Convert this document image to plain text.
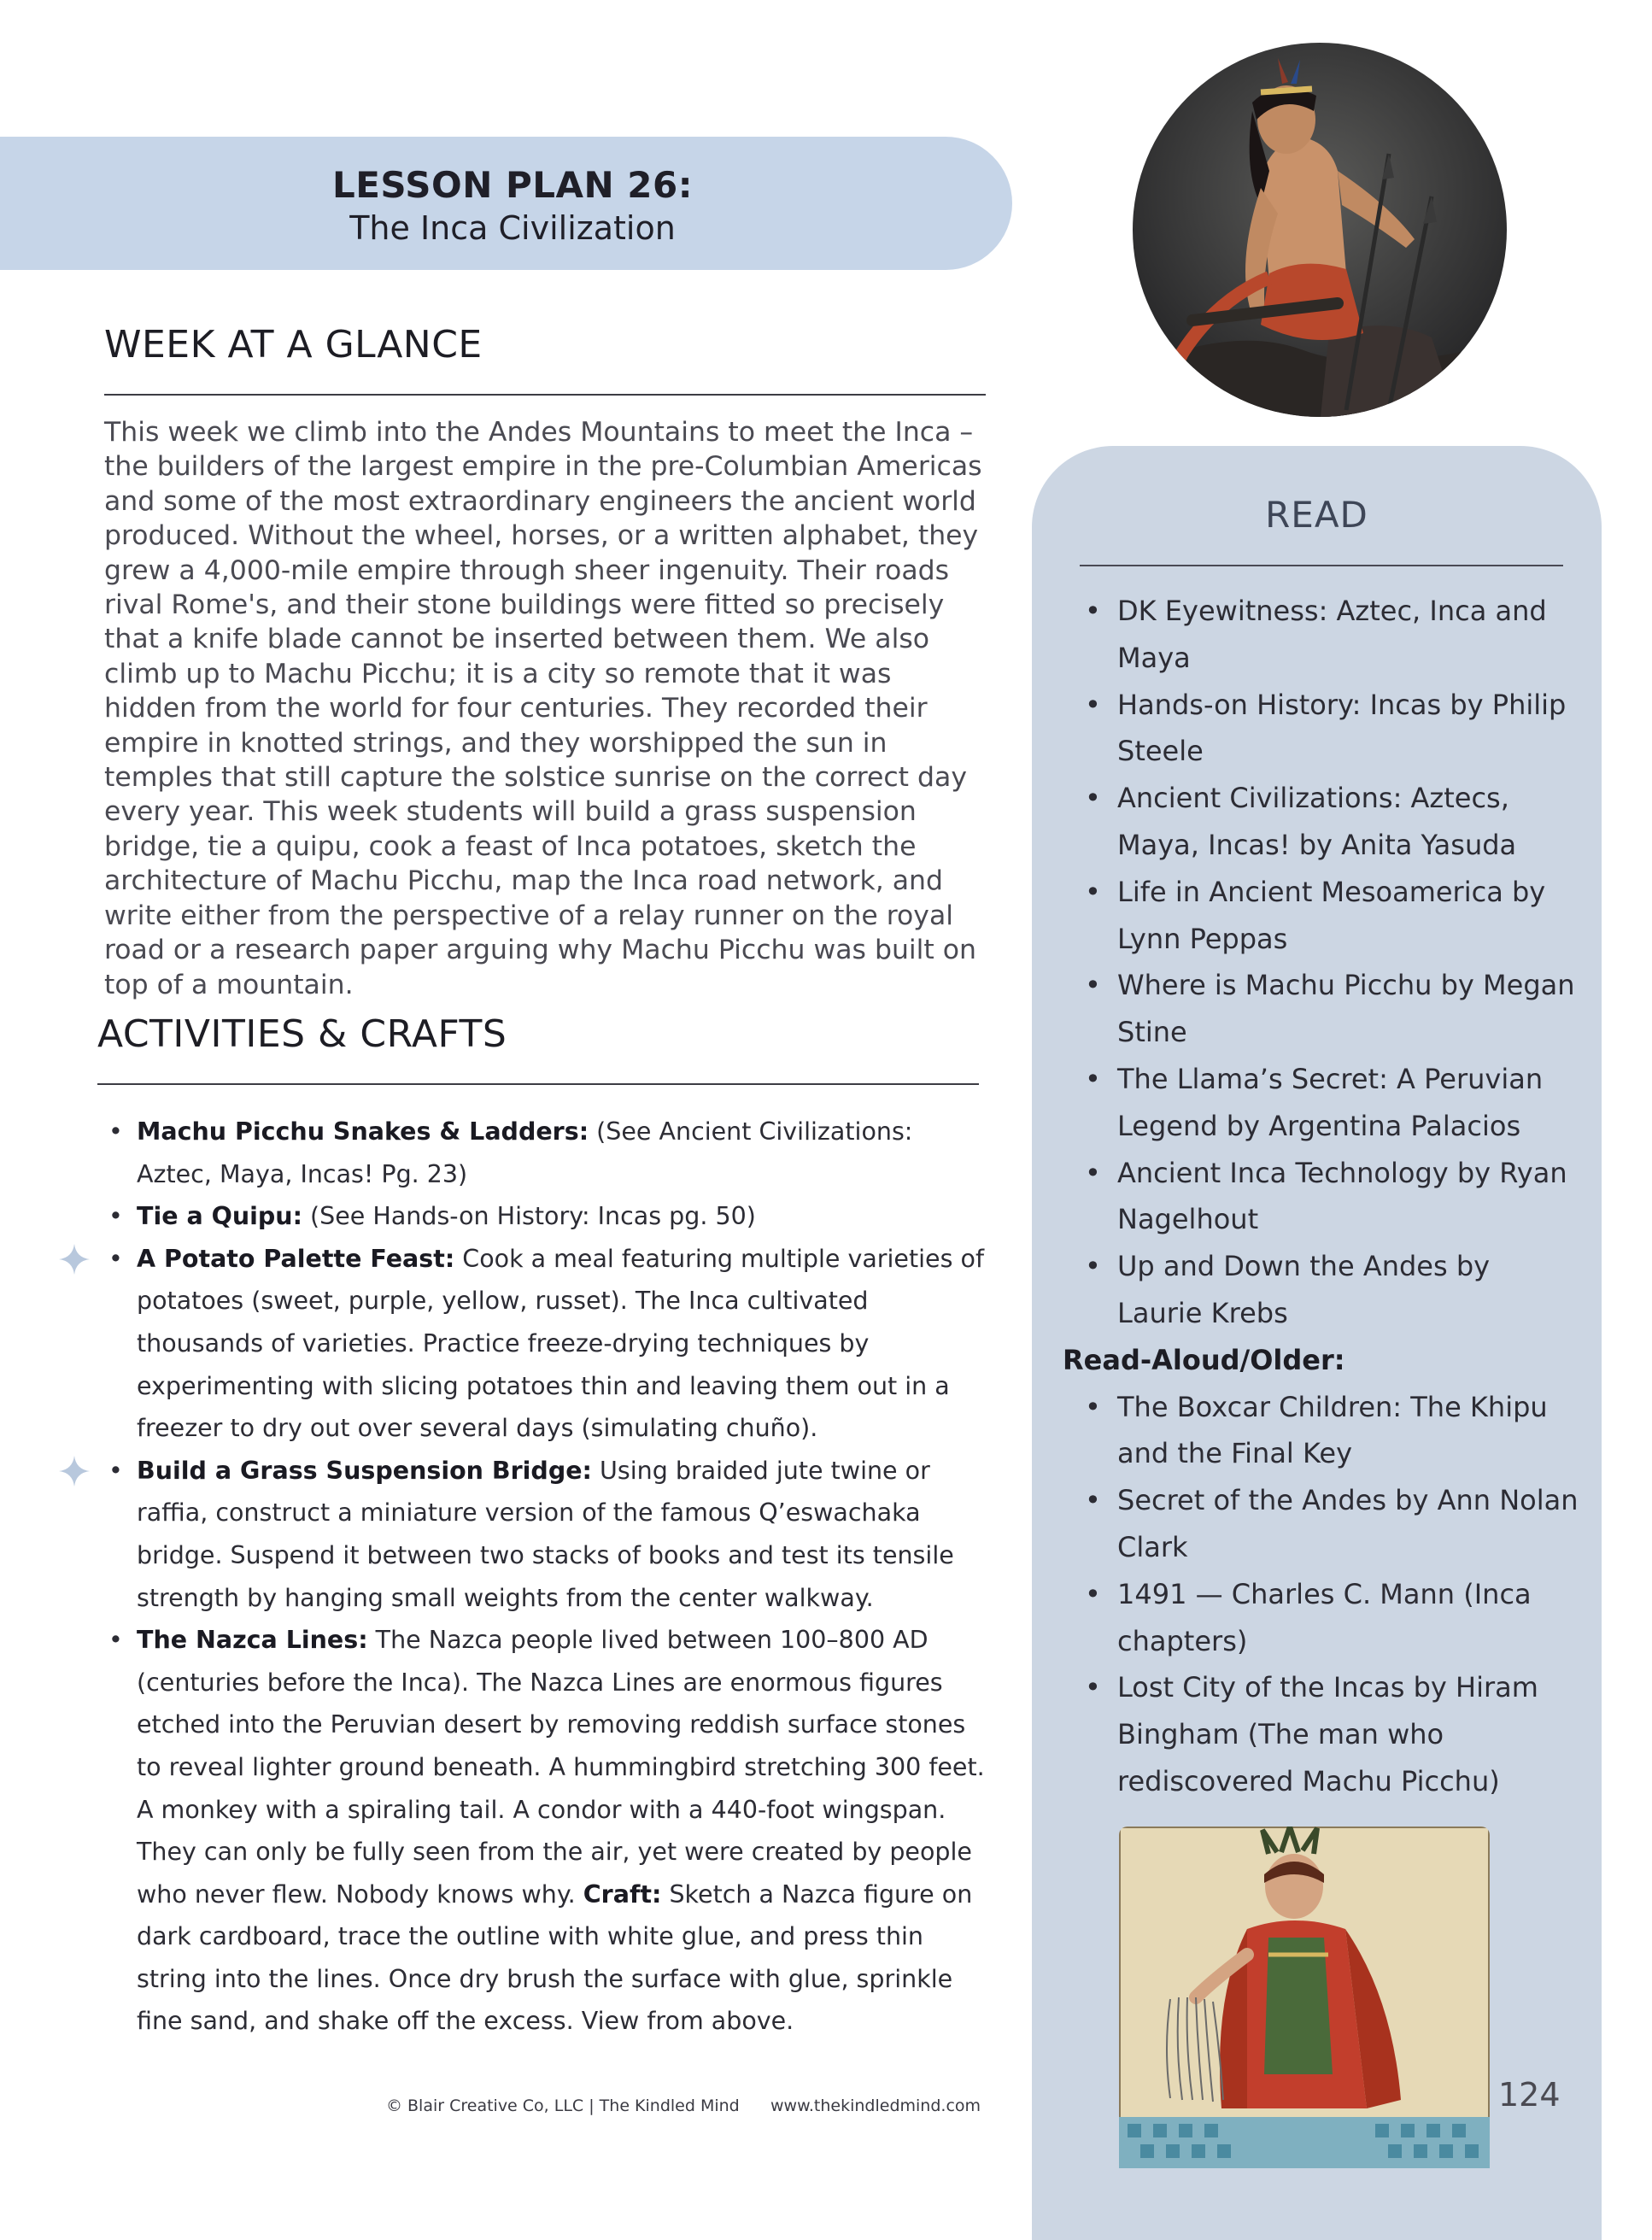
LESSON PLAN 26:
The Inca Civilization
WEEK AT A GLANCE

This week we climb into the Andes Mountains to meet the Inca – the builders of the largest empire in the pre-Columbian Americas and some of the most extraordinary engineers the ancient world produced. Without the wheel, horses, or a written alphabet, they grew a 4,000-mile empire through sheer ingenuity. Their roads rival Rome's, and their stone buildings were fitted so precisely that a knife blade cannot be inserted between them. We also climb up to Machu Picchu; it is a city so remote that it was hidden from the world for four centuries. They recorded their empire in knotted strings, and they worshipped the sun in temples that still capture the solstice sunrise on the correct day every year. This week students will build a grass suspension bridge, tie a quipu, cook a feast of Inca potatoes, sketch the architecture of Machu Picchu, map the Inca road network, and write either from the perspective of a relay runner on the royal road or a research paper arguing why Machu Picchu was built on top of a mountain.

ACTIVITIES & CRAFTS
• Machu Picchu Snakes & Ladders: (See Ancient Civilizations: Aztec, Maya, Incas! Pg. 23)
• Tie a Quipu: (See Hands-on History: Incas pg. 50)
• A Potato Palette Feast: Cook a meal featuring multiple varieties of potatoes (sweet, purple, yellow, russet). The Inca cultivated thousands of varieties. Practice freeze-drying techniques by experimenting with slicing potatoes thin and leaving them out in a freezer to dry out over several days (simulating chuño).
• Build a Grass Suspension Bridge: Using braided jute twine or raffia, construct a miniature version of the famous Q’eswachaka bridge. Suspend it between two stacks of books and test its tensile strength by hanging small weights from the center walkway.
• The Nazca Lines: The Nazca people lived between 100–800 AD (centuries before the Inca). The Nazca Lines are enormous figures etched into the Peruvian desert by removing reddish surface stones to reveal lighter ground beneath. A hummingbird stretching 300 feet. A monkey with a spiraling tail. A condor with a 440-foot wingspan. They can only be fully seen from the air, yet were created by people who never flew. Nobody knows why. Craft: Sketch a Nazca figure on dark cardboard, trace the outline with white glue, and press thin string into the lines. Once dry brush the surface with glue, sprinkle fine sand, and shake off the excess. View from above.
READ
• DK Eyewitness: Aztec, Inca and Maya
• Hands-on History: Incas by Philip Steele
• Ancient Civilizations: Aztecs, Maya, Incas! by Anita Yasuda
• Life in Ancient Mesoamerica by Lynn Peppas
• Where is Machu Picchu by Megan Stine
• The Llama’s Secret: A Peruvian Legend by Argentina Palacios
• Ancient Inca Technology by Ryan Nagelhout
• Up and Down the Andes by Laurie Krebs
Read-Aloud/Older:
• The Boxcar Children: The Khipu and the Final Key
• Secret of the Andes by Ann Nolan Clark
• 1491 — Charles C. Mann (Inca chapters)
• Lost City of the Incas by Hiram Bingham (The man who rediscovered Machu Picchu)
© Blair Creative Co, LLC | The Kindled Mind www.thekindledmind.com	124
